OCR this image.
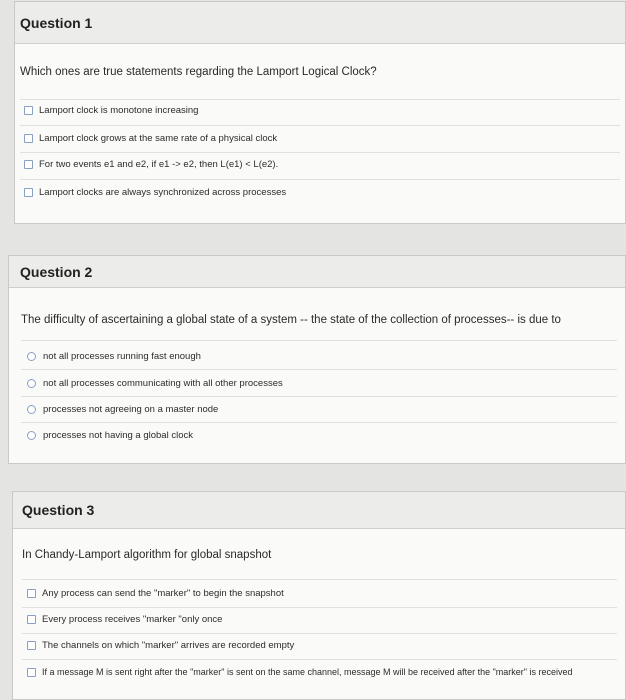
Question 1
Which ones are true statements regarding the Lamport Logical Clock?
Lamport clock is monotone increasing
Lamport clock grows at the same rate of a physical clock
For two events e1 and e2, if e1 -> e2, then L(e1) < L(e2).
Lamport clocks are always synchronized across processes
Question 2
The difficulty of ascertaining a global state of a system -- the state of the collection of processes-- is due to
not all processes running fast enough
not all processes communicating with all other processes
processes not agreeing on a master node
processes not having a global clock
Question 3
In Chandy-Lamport algorithm for global snapshot
Any process can send the "marker" to begin the snapshot
Every process receives "marker "only once
The channels on which "marker" arrives are recorded empty
If a message M is sent right after the "marker" is sent on the same channel, message M will be received after the "marker" is received
